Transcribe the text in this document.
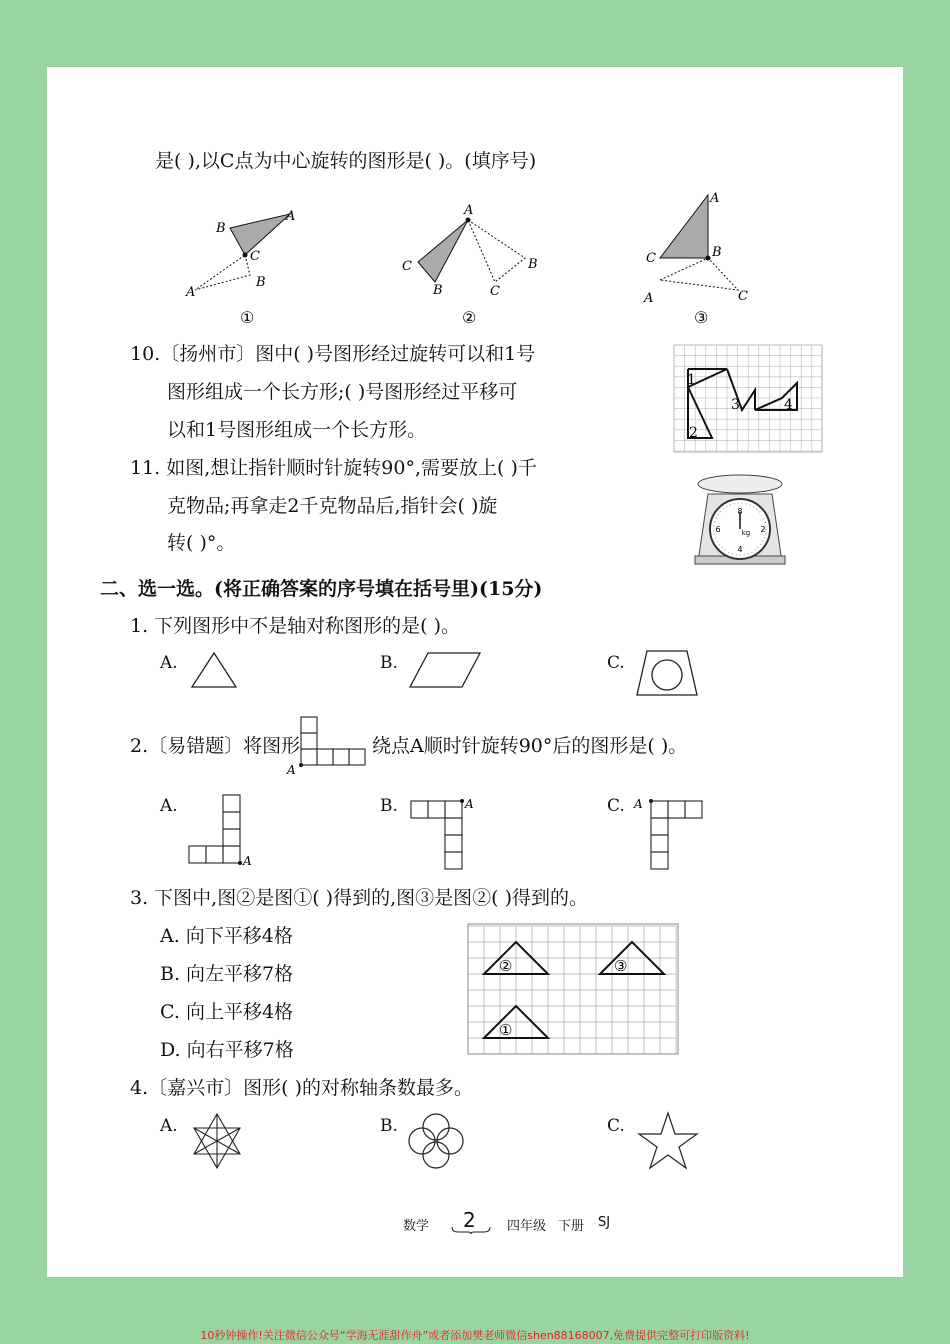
是( ),以C点为中心旋转的图形是( )。(填序号)
B
A
C
B
A
①
A
C
B
B
C
②
A
C	B
A	C
③
10.〔扬州市〕图中( )号图形经过旋转可以和1号
图形组成一个长方形;( )号图形经过平移可
以和1号图形组成一个长方形。
1
2
3	4
11. 如图,想让指针顺时针旋转90°,需要放上( )千
克物品;再拿走2千克物品后,指针会( )旋
转( )°。
8
2
6
4
kg
二、选一选。(将正确答案的序号填在括号里)(15分)
1. 下列图形中不是轴对称图形的是( )。
A.	B.	C.
2.〔易错题〕将图形
A
绕点A顺时针旋转90°后的图形是( )。
A.	B.	C.
A
A	A
3. 下图中,图②是图①( )得到的,图③是图②( )得到的。
A. 向下平移4格
B. 向左平移7格
C. 向上平移4格
D. 向右平移7格
②	③
①
4.〔嘉兴市〕图形( )的对称轴条数最多。
A.	B.	C.
数学 2 四年级 下册 SJ
10秒钟操作!关注微信公众号“学海无涯甜作舟”或者添加樊老师微信shen88168007,免费提供完整可打印版资料!
